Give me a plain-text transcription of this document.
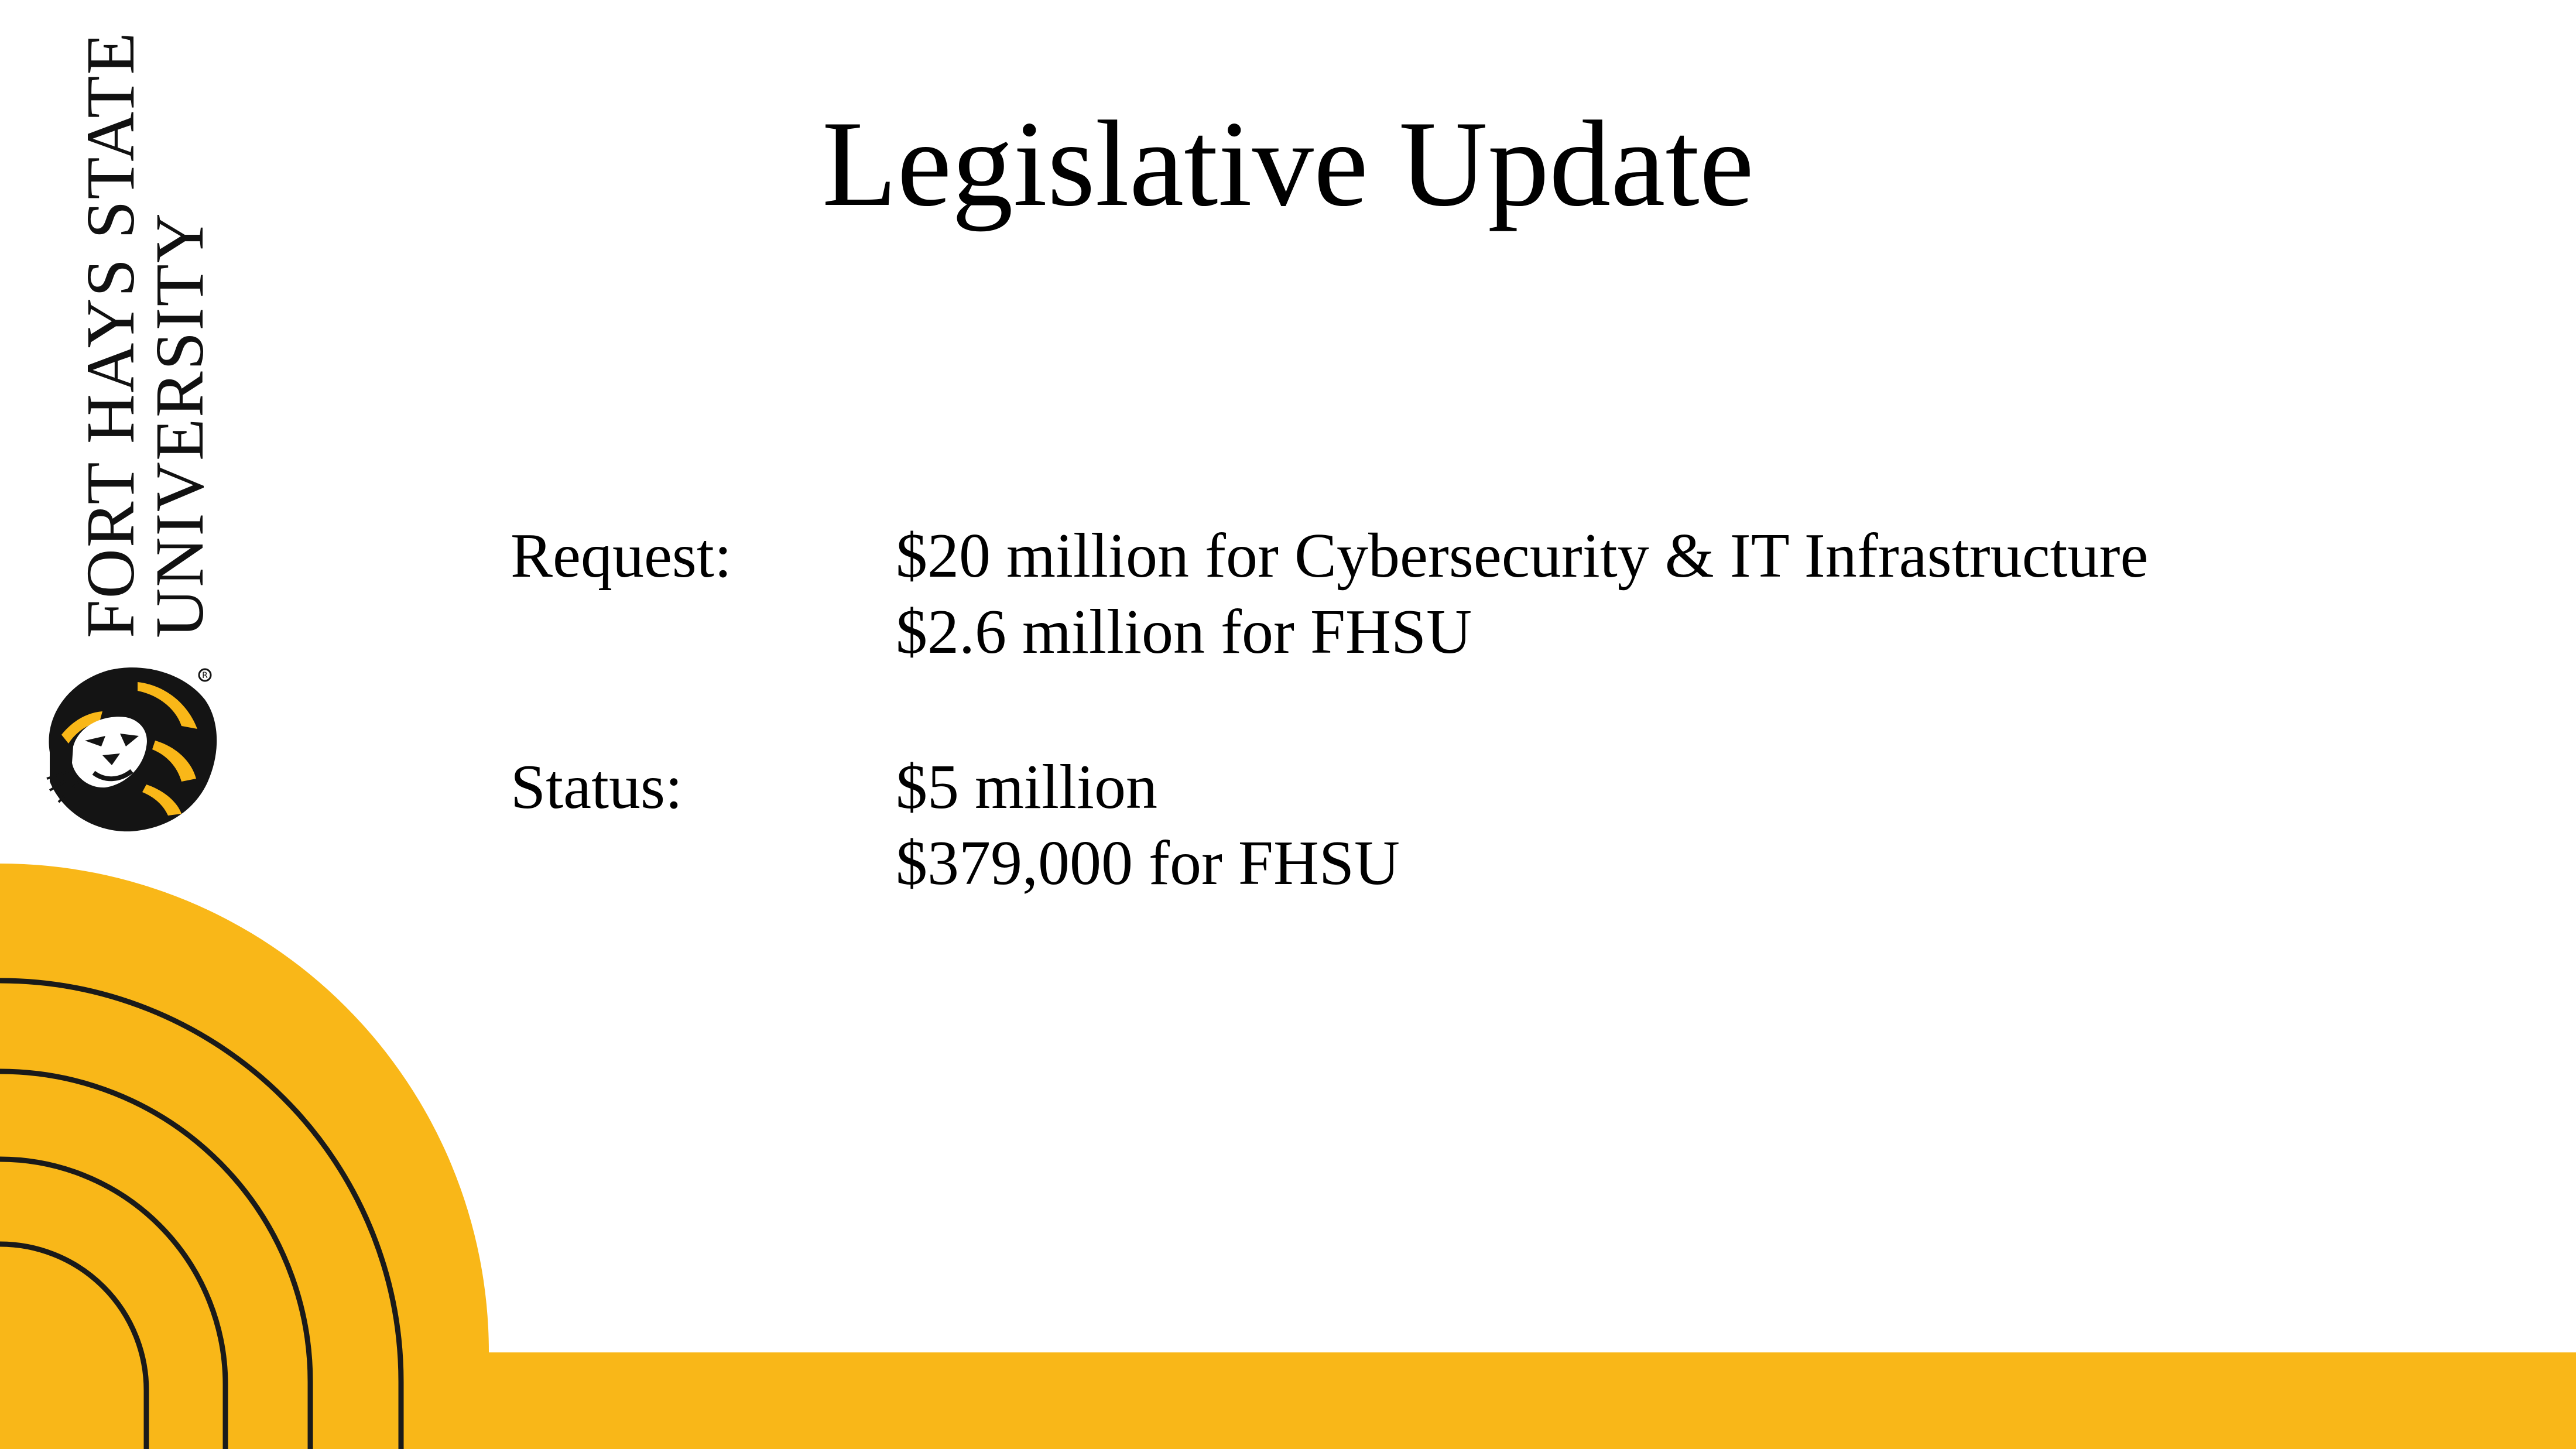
FORT HAYS STATE
UNIVERSITY
R
Legislative Update
Request:	$20 million for Cybersecurity & IT Infrastructure
$2.6 million for FHSU
Status:	$5 million
$379,000 for FHSU
